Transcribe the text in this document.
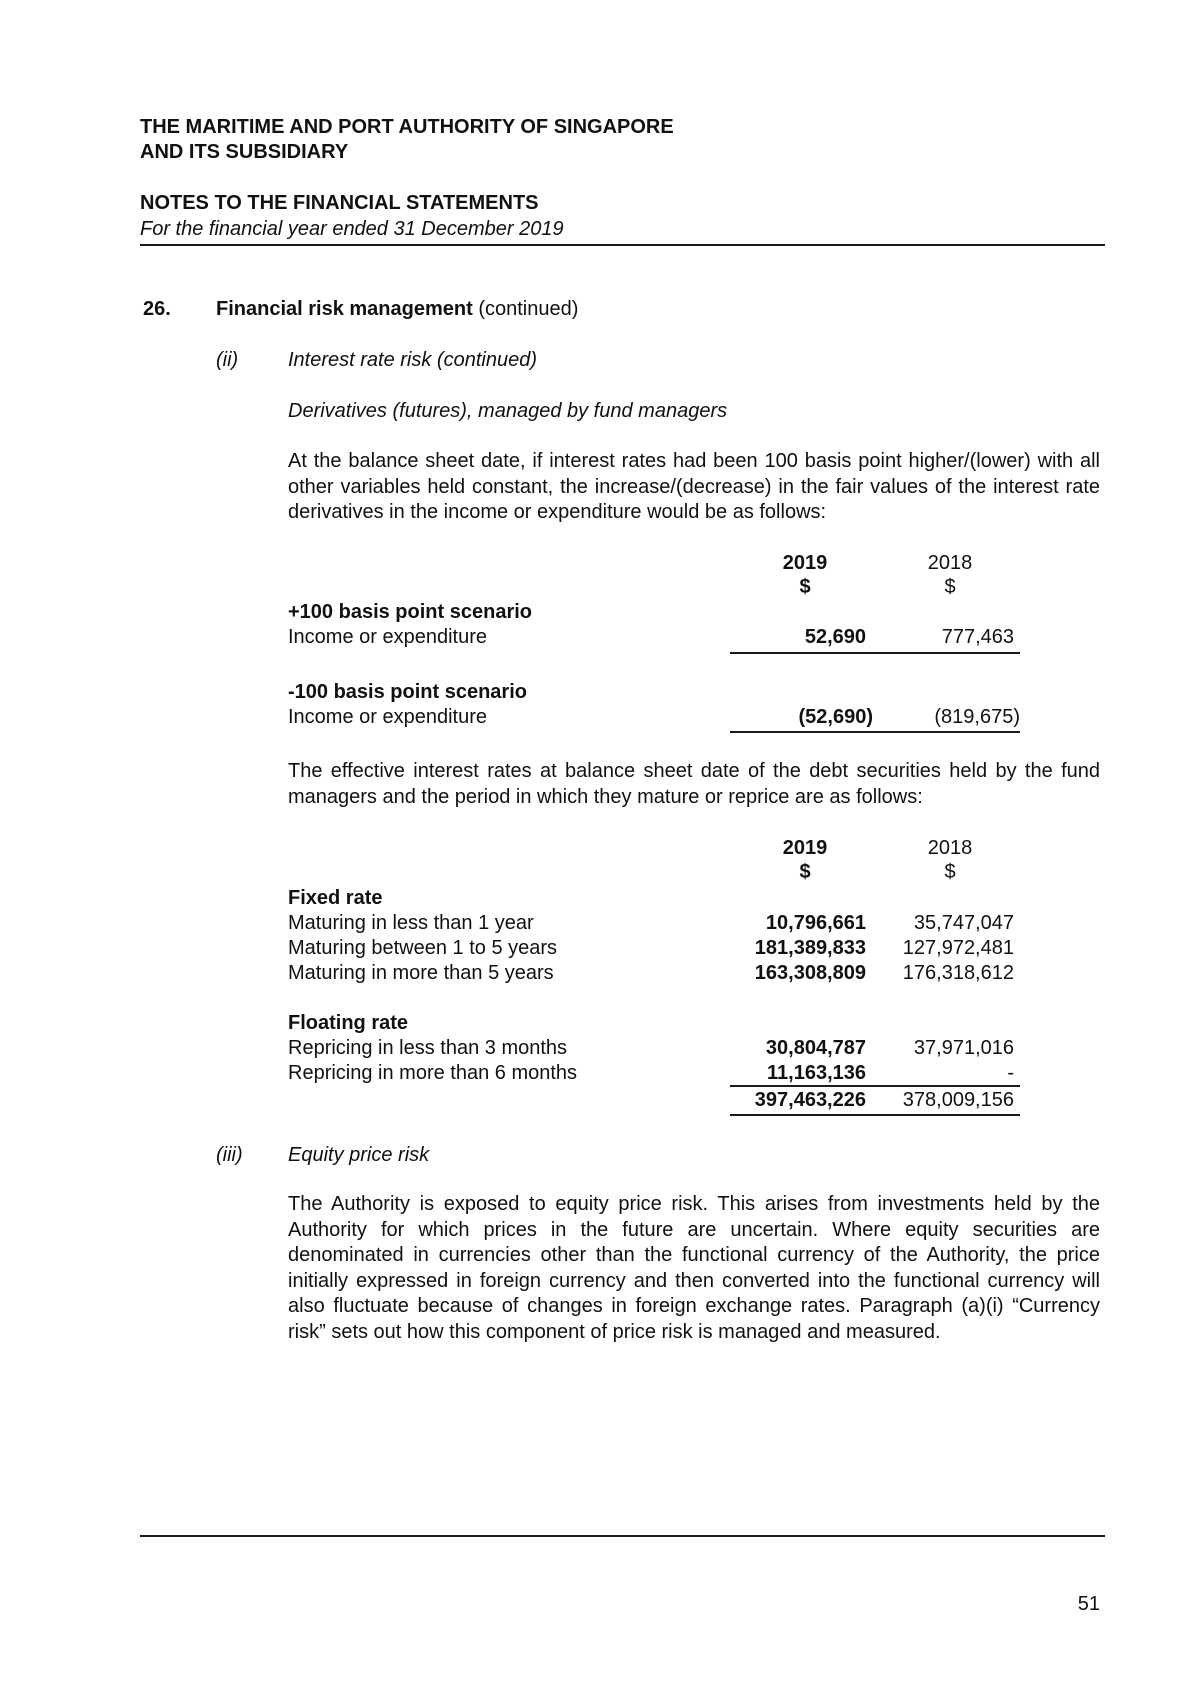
THE MARITIME AND PORT AUTHORITY OF SINGAPORE
AND ITS SUBSIDIARY
NOTES TO THE FINANCIAL STATEMENTS
For the financial year ended 31 December 2019
26. Financial risk management (continued)
(ii) Interest rate risk (continued)
Derivatives (futures), managed by fund managers

At the balance sheet date, if interest rates had been 100 basis point higher/(lower) with all other variables held constant, the increase/(decrease) in the fair values of the interest rate derivatives in the income or expenditure would be as follows:

2019	2018
$	$
+100 basis point scenario
Income or expenditure	52,690	777,463
-100 basis point scenario
Income or expenditure	(52,690)	(819,675)

The effective interest rates at balance sheet date of the debt securities held by the fund managers and the period in which they mature or reprice are as follows:

2019	2018
$	$
Fixed rate
Maturing in less than 1 year	10,796,661	35,747,047
Maturing between 1 to 5 years	181,389,833	127,972,481
Maturing in more than 5 years	163,308,809	176,318,612
Floating rate
Repricing in less than 3 months	30,804,787	37,971,016
Repricing in more than 6 months	11,163,136	-
397,463,226	378,009,156
(iii) Equity price risk

The Authority is exposed to equity price risk. This arises from investments held by the Authority for which prices in the future are uncertain. Where equity securities are denominated in currencies other than the functional currency of the Authority, the price initially expressed in foreign currency and then converted into the functional currency will also fluctuate because of changes in foreign exchange rates. Paragraph (a)(i) “Currency risk” sets out how this component of price risk is managed and measured.

51
